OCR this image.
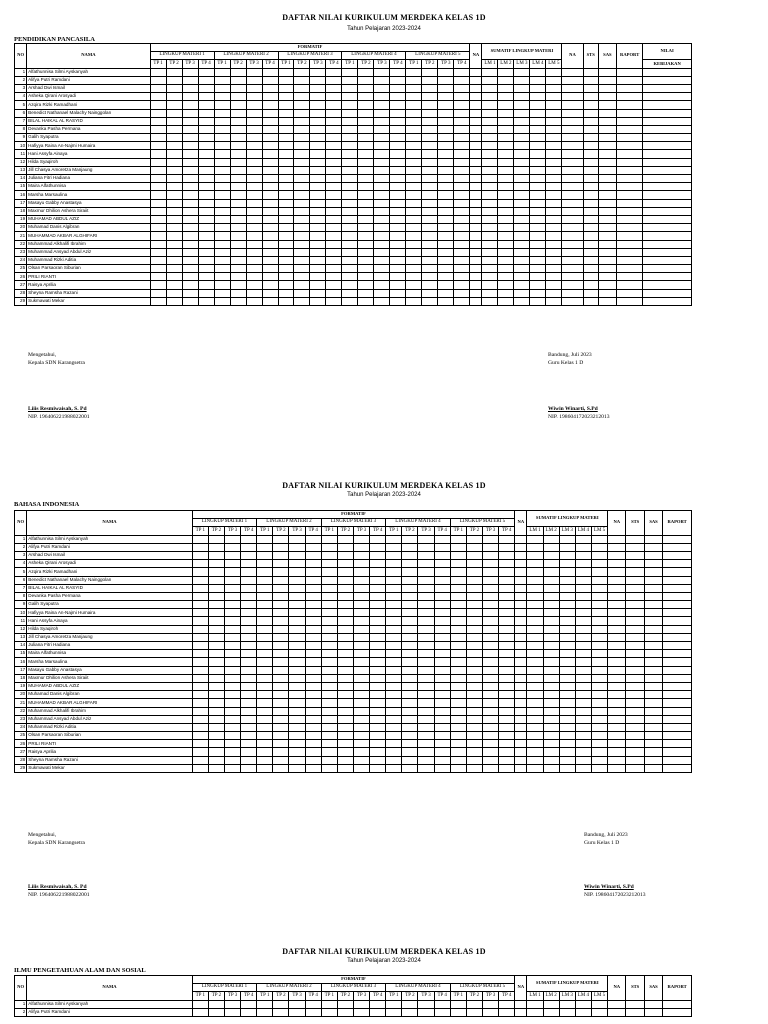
DAFTAR NILAI KURIKULUM MERDEKA KELAS 1D
Tahun Pelajaran 2023-2024
PENDIDIKAN PANCASILA
NO	NAMA	FORMATIF																				NA	SUMATIF LINGKUP MATERI					NA	STS	SAS	RAPORT	NILAI
		LINGKUP MATERI 1				LINGKUP MATERI 2				LINGKUP MATERI 3				LINGKUP MATERI 4				LINGKUP MATERI 5														
		TP 1	TP 2	TP 3	TP 4	TP 1	TP 2	TP 3	TP 4	TP 1	TP 2	TP 3	TP 4	TP 1	TP 2	TP 3	TP 4	TP 1	TP 2	TP 3	TP 4		LM 1	LM 2	LM 3	LM 4	LM 5					KEBIJAKAN
1	Alfathunnisa Silmi Ayskanyah																															
2	Alifya Putri Ramdani																															
3	Arshad Dwi Ismail																															
4	Asheka Qirani Arosyadi																															
5	Azqira Rizki Ramadhani																															
6	Benedict Nathanael Malachy Nainggolan																															
7	BILAL HAIKAL AL RASYID																															
8	Devanka Pasha Permana																															
9	Galih Syaputra																															
10	Hafiyya Raina An-Najmi Humaira																															
11	Hani Assyfa Ainaya																															
12	Hilda Syaqiroh																															
13	Jill Chasya Amoretza Manjaung																															
14	Juliana Fitri Hadiana																															
15	Maira Alfathunnisa																															
16	Marsha Marsaulina																															
17	Masayu Gabby Anastasya																															
18	Maxmur Dhilion Ashera Siraiit																															
19	MUHAMAD ABDUL AZIZ																															
20	Muhamad Danis Algibran																															
21	MUHAMMAD AKBAR ALGHIFARI																															
22	Muhammad Alkhalifi Ibrahim																															
23	Muhammad Ansyad Abdul Aziz																															
24	Muhammad Rizki Aditia																															
25	Olsan Parsaoran Siburian																															
26	PRILI RIANTI																															
27	Raisya Aprilia																															
28	Sheyna Ramsha Razani																															
29	Sukmawati Mekar																															
Mengetahui,
Kepala SDN Karangsetra
Liiis Resmiwaisah, S. Pd
NIP. 196406221988022001
Bandung, Juli 2023
Guru Kelas 1 D
Wiwin Winarti, S.Pd
NIP. 198604172023212013
DAFTAR NILAI KURIKULUM MERDEKA KELAS 1D
Tahun Pelajaran 2023-2024
BAHASA INDONESIA
NO	NAMA	FORMATIF																				NA	SUMATIF LINGKUP MATERI					NA	STS	SAS	RAPORT
		LINGKUP MATERI 1				LINGKUP MATERI 2				LINGKUP MATERI 3				LINGKUP MATERI 4				LINGKUP MATERI 5													
		TP 1	TP 2	TP 3	TP 4	TP 1	TP 2	TP 3	TP 4	TP 1	TP 2	TP 3	TP 4	TP 1	TP 2	TP 3	TP 4	TP 1	TP 2	TP 3	TP 4		LM 1	LM 2	LM 3	LM 4	LM 5				
1	Alfathunnisa Silmi Ayskanyah																														
2	Alifya Putri Ramdani																														
3	Arshad Dwi Ismail																														
4	Asheka Qirani Arosyadi																														
5	Azqira Rizki Ramadhani																														
6	Benedict Nathanael Malachy Nainggolan																														
7	BILAL HAIKAL AL RASYID																														
8	Devanka Pasha Permana																														
9	Galih Syaputra																														
10	Hafiyya Raina An-Najmi Humaira																														
11	Hani Assyfa Ainaya																														
12	Hilda Syaqiroh																														
13	Jill Chasya Amoretza Manjaung																														
14	Juliana Fitri Hadiana																														
15	Maira Alfathunnisa																														
16	Marsha Marsaulina																														
17	Masayu Gabby Anastasya																														
18	Maxmur Dhilion Ashera Siraiit																														
19	MUHAMAD ABDUL AZIZ																														
20	Muhamad Danis Algibran																														
21	MUHAMMAD AKBAR ALGHIFARI																														
22	Muhammad Alkhalifi Ibrahim																														
23	Muhammad Ansyad Abdul Aziz																														
24	Muhammad Rizki Aditia																														
25	Olsan Parsaoran Siburian																														
26	PRILI RIANTI																														
27	Raisya Aprilia																														
28	Sheyna Ramsha Razani																														
29	Sukmawati Mekar																														
Mengetahui,
Kepala SDN Karangsetra
Liiis Resmiwaisah, S. Pd
NIP. 196406221988022001
Bandung, Juli 2023
Guru Kelas 1 D
Wiwin Winarti, S.Pd
NIP. 198604172023212013
DAFTAR NILAI KURIKULUM MERDEKA KELAS 1D
Tahun Pelajaran 2023-2024
ILMU PENGETAHUAN ALAM DAN SOSIAL
NO	NAMA	FORMATIF																				NA	SUMATIF LINGKUP MATERI					NA	STS	SAS	RAPORT
		LINGKUP MATERI 1				LINGKUP MATERI 2				LINGKUP MATERI 3				LINGKUP MATERI 4				LINGKUP MATERI 5													
		TP 1	TP 2	TP 3	TP 4	TP 1	TP 2	TP 3	TP 4	TP 1	TP 2	TP 3	TP 4	TP 1	TP 2	TP 3	TP 4	TP 1	TP 2	TP 3	TP 4		LM 1	LM 2	LM 3	LM 4	LM 5				
1	Alfathunnisa Silmi Ayskanyah																														
2	Alifya Putri Ramdani																														
